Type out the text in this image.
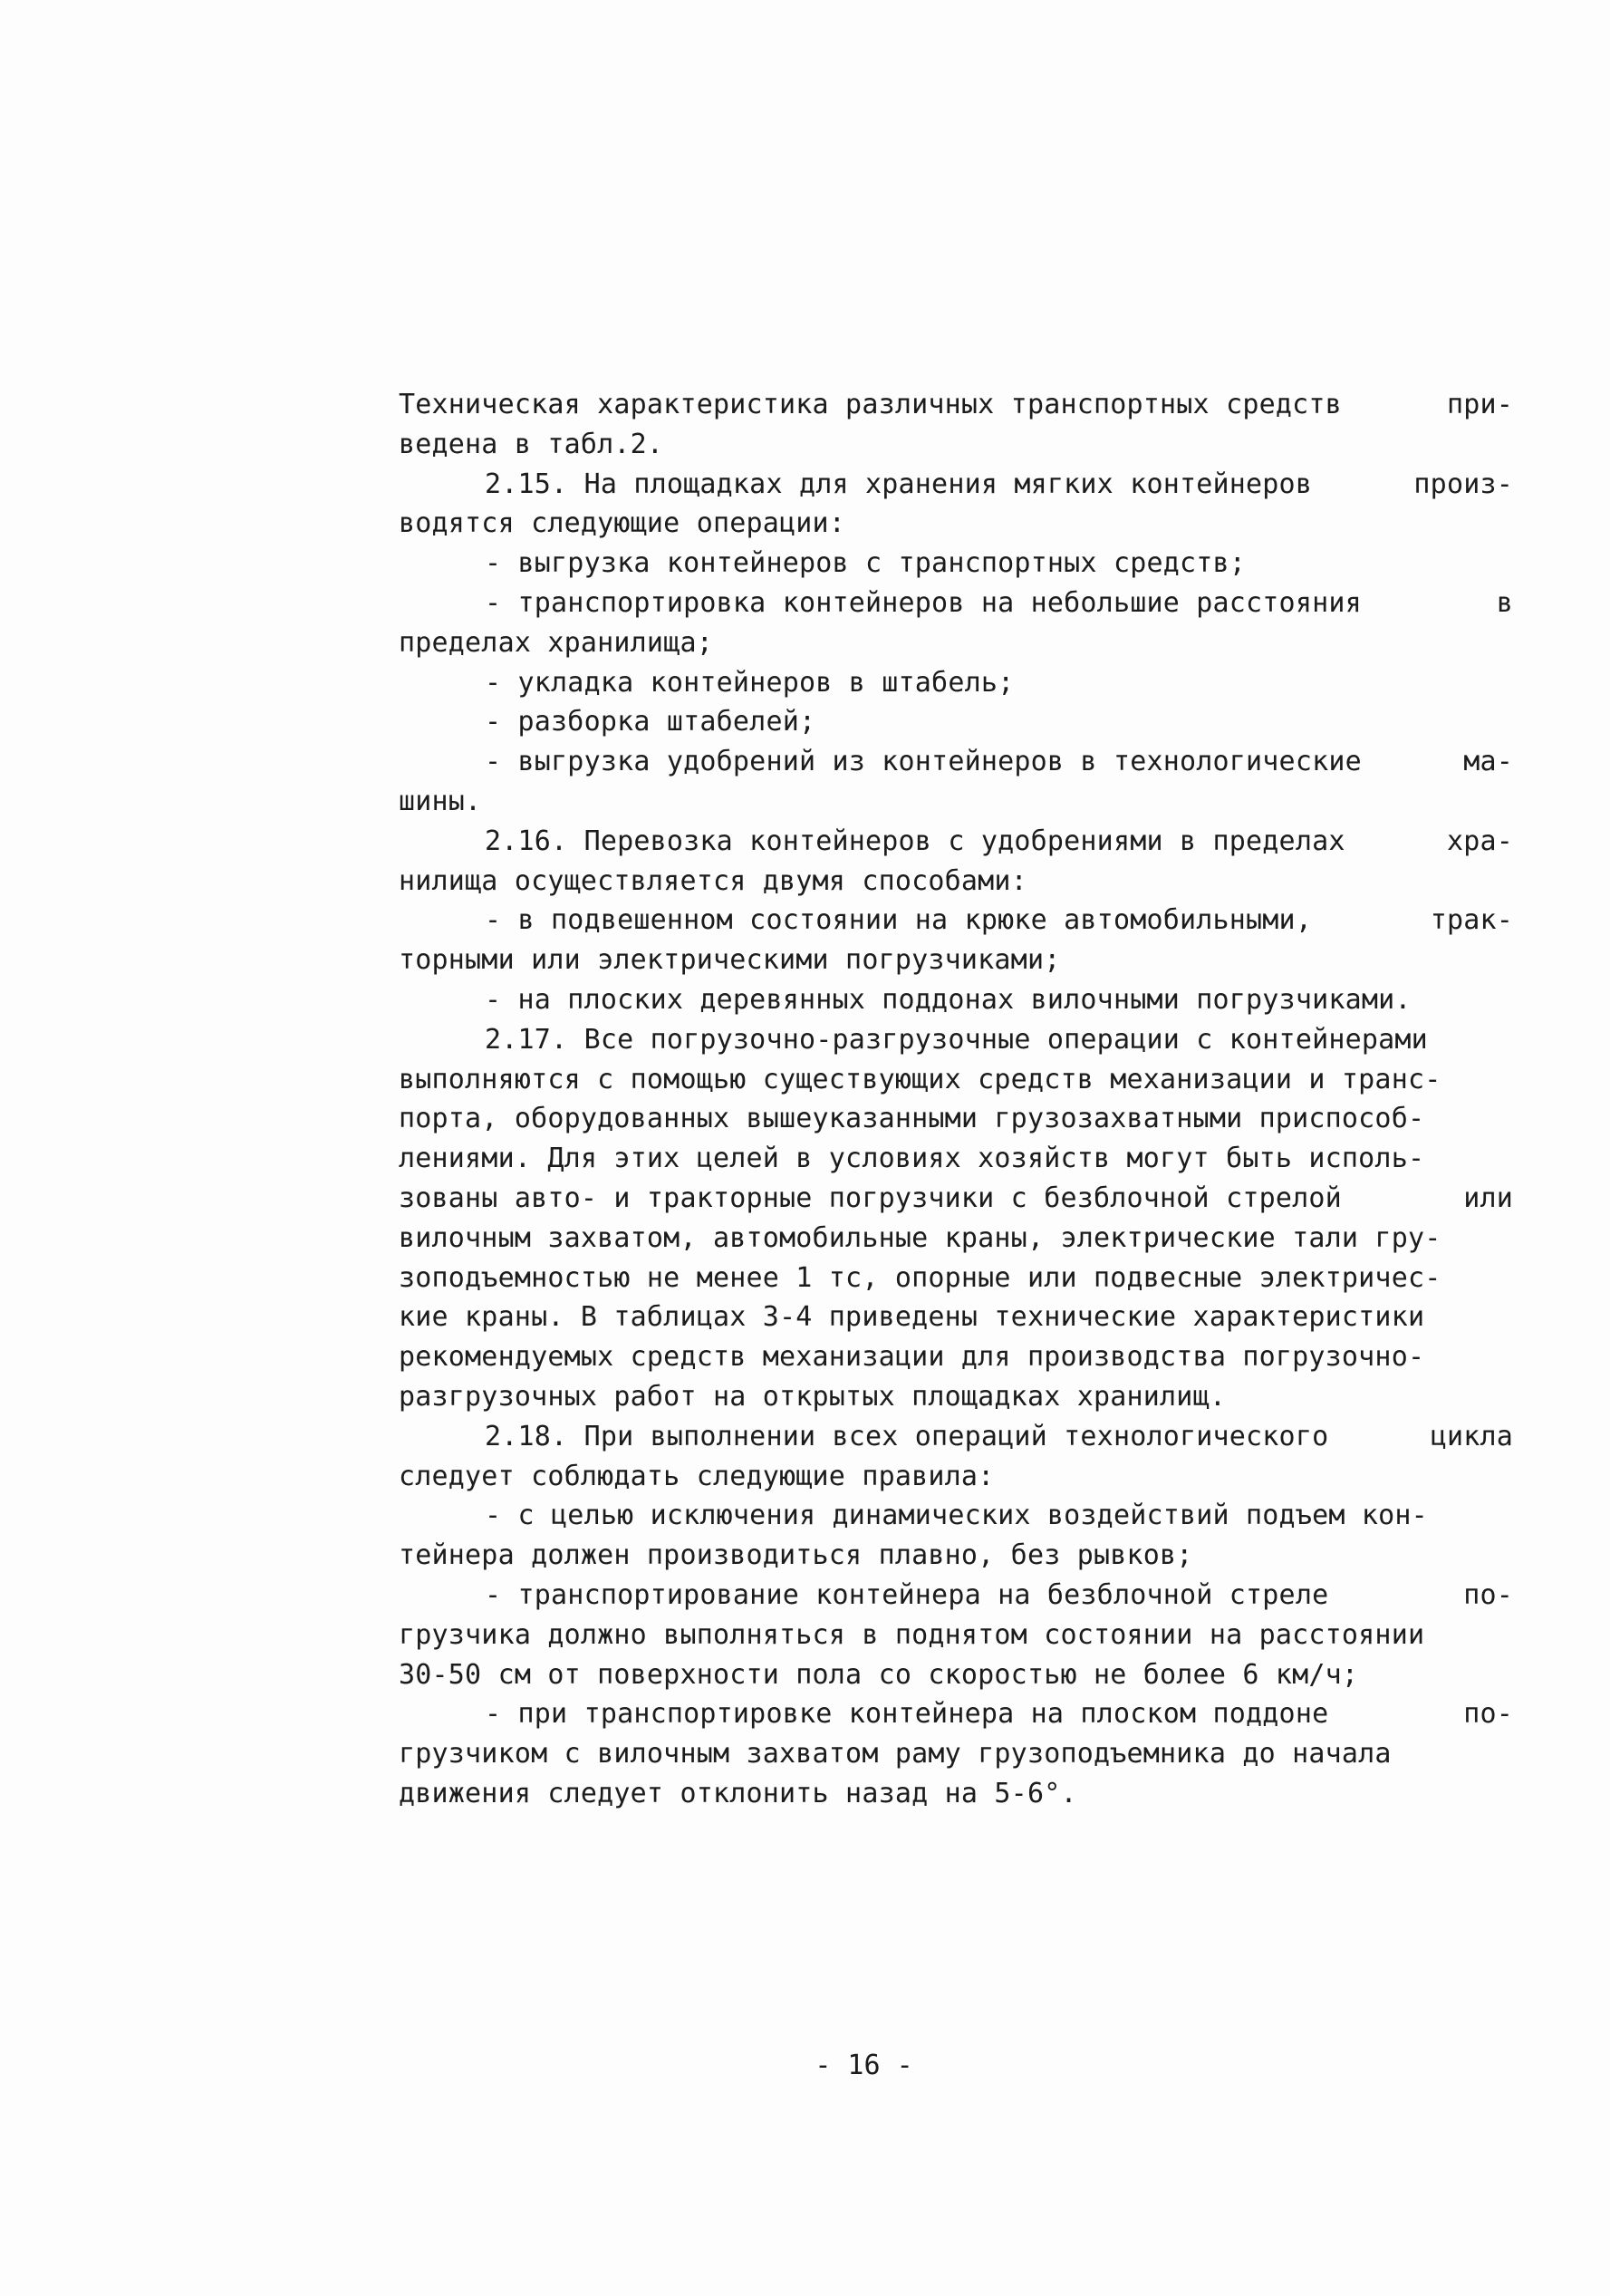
Техническая характеристика различных транспортных средств	при-
ведена в табл.2.
2.15. На площадках для хранения мягких контейнеров	произ-
водятся следующие операции:
- выгрузка контейнеров с транспортных средств;
- транспортировка контейнеров на небольшие расстояния	в
пределах хранилища;
- укладка контейнеров в штабель;
- разборка штабелей;
- выгрузка удобрений из контейнеров в технологические	ма-
шины.
2.16. Перевозка контейнеров с удобрениями в пределах	хра-
нилища осуществляется двумя способами:
- в подвешенном состоянии на крюке автомобильными,	трак-
торными или электрическими погрузчиками;
- на плоских деревянных поддонах вилочными погрузчиками.
2.17. Все погрузочно-разгрузочные операции с контейнерами
выполняются с помощью существующих средств механизации и транс-
порта, оборудованных вышеуказанными грузозахватными приспособ-
лениями. Для этих целей в условиях хозяйств могут быть исполь-
зованы авто- и тракторные погрузчики с безблочной стрелой	или
вилочным захватом, автомобильные краны, электрические тали гру-
зоподъемностью не менее 1 тс, опорные или подвесные электричес-
кие краны. В таблицах 3-4 приведены технические характеристики
рекомендуемых средств механизации для производства погрузочно-
разгрузочных работ на открытых площадках хранилищ.
2.18. При выполнении всех операций технологического	цикла
следует соблюдать следующие правила:
- с целью исключения динамических воздействий подъем кон-
тейнера должен производиться плавно, без рывков;
- транспортирование контейнера на безблочной стреле	по-
грузчика должно выполняться в поднятом состоянии на расстоянии
30-50 см от поверхности пола со скоростью не более 6 км/ч;
- при транспортировке контейнера на плоском поддоне	по-
грузчиком с вилочным захватом раму грузоподъемника до начала
движения следует отклонить назад на 5-6°.
- 16 -
